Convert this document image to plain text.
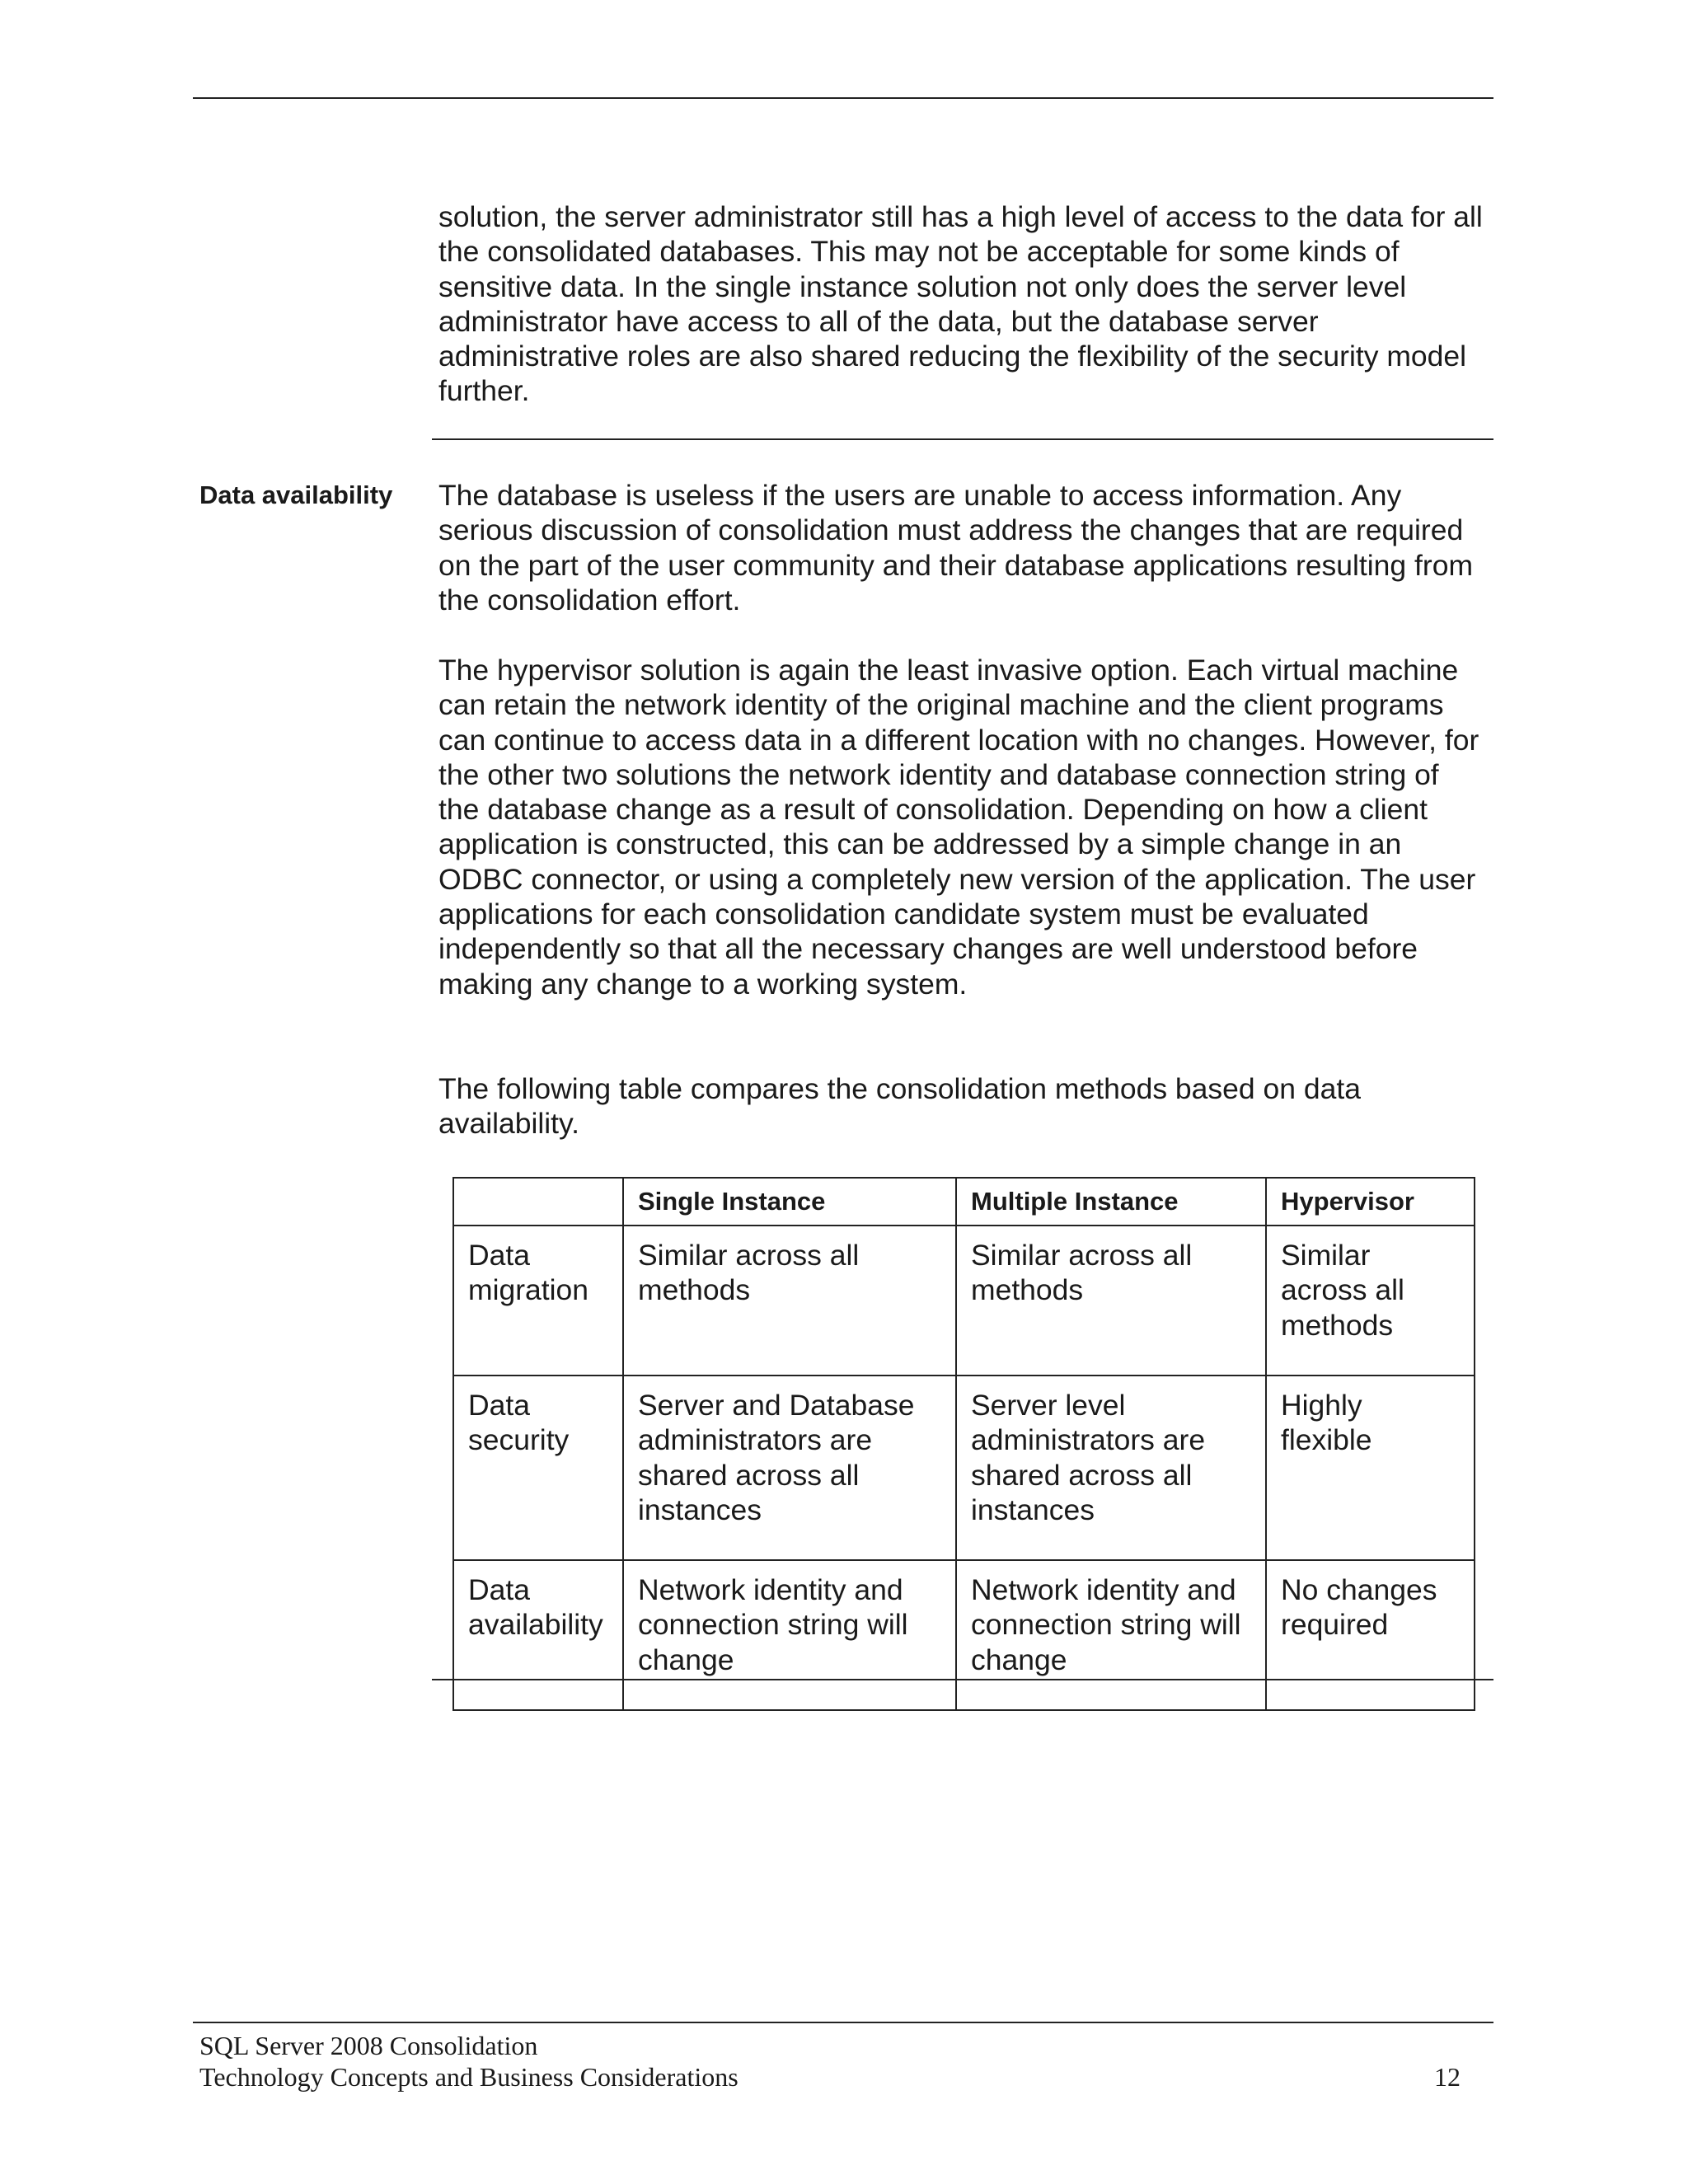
solution, the server administrator still has a high level of access to the data for all the consolidated databases. This may not be acceptable for some kinds of sensitive data. In the single instance solution not only does the server level administrator have access to all of the data, but the database server administrative roles are also shared reducing the flexibility of the security model further.

Data availability The database is useless if the users are unable to access information. Any serious discussion of consolidation must address the changes that are required on the part of the user community and their database applications resulting from the consolidation effort.

The hypervisor solution is again the least invasive option. Each virtual machine can retain the network identity of the original machine and the client programs can continue to access data in a different location with no changes. However, for the other two solutions the network identity and database connection string of the database change as a result of consolidation. Depending on how a client application is constructed, this can be addressed by a simple change in an ODBC connector, or using a completely new version of the application. The user applications for each consolidation candidate system must be evaluated independently so that all the necessary changes are well understood before making any change to a working system.

The following table compares the consolidation methods based on data availability.

	Single Instance	Multiple Instance	Hypervisor
Data migration	Similar across all methods	Similar across all methods	Similar across all methods
Data security	Server and Database administrators are shared across all instances	Server level administrators are shared across all instances	Highly flexible
Data availability	Network identity and connection string will change	Network identity and connection string will change	No changes required

SQL Server 2008 Consolidation

Technology Concepts and Business Considerations	12
